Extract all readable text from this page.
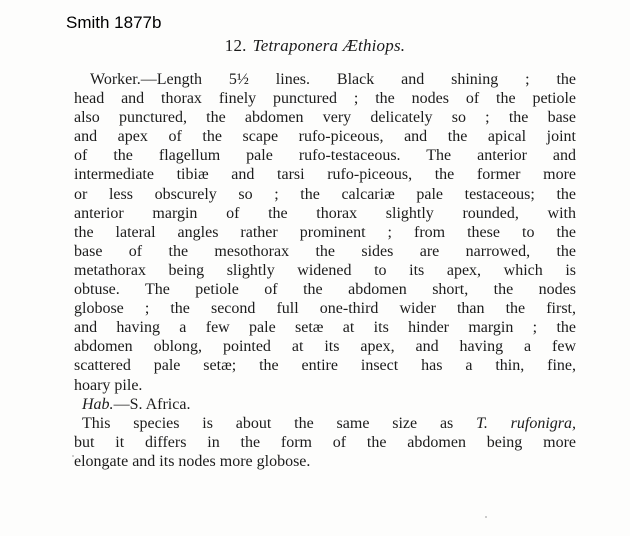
Smith 1877b
12. Tetraponera Æthiops.
Worker.—Length 5½ lines. Black and shining ; the
head and thorax finely punctured ; the nodes of the petiole
also punctured, the abdomen very delicately so ; the base
and apex of the scape rufo-piceous, and the apical joint
of the flagellum pale rufo-testaceous. The anterior and
intermediate tibiæ and tarsi rufo-piceous, the former more
or less obscurely so ; the calcariæ pale testaceous; the
anterior margin of the thorax slightly rounded, with
the lateral angles rather prominent ; from these to the
base of the mesothorax the sides are narrowed, the
metathorax being slightly widened to its apex, which is
obtuse. The petiole of the abdomen short, the nodes
globose ; the second full one-third wider than the first,
and having a few pale setæ at its hinder margin ; the
abdomen oblong, pointed at its apex, and having a few
scattered pale setæ; the entire insect has a thin, fine,
hoary pile.
Hab.—S. Africa.
This species is about the same size as T. rufonigra,
but it differs in the form of the abdomen being more
elongate and its nodes more globose.
